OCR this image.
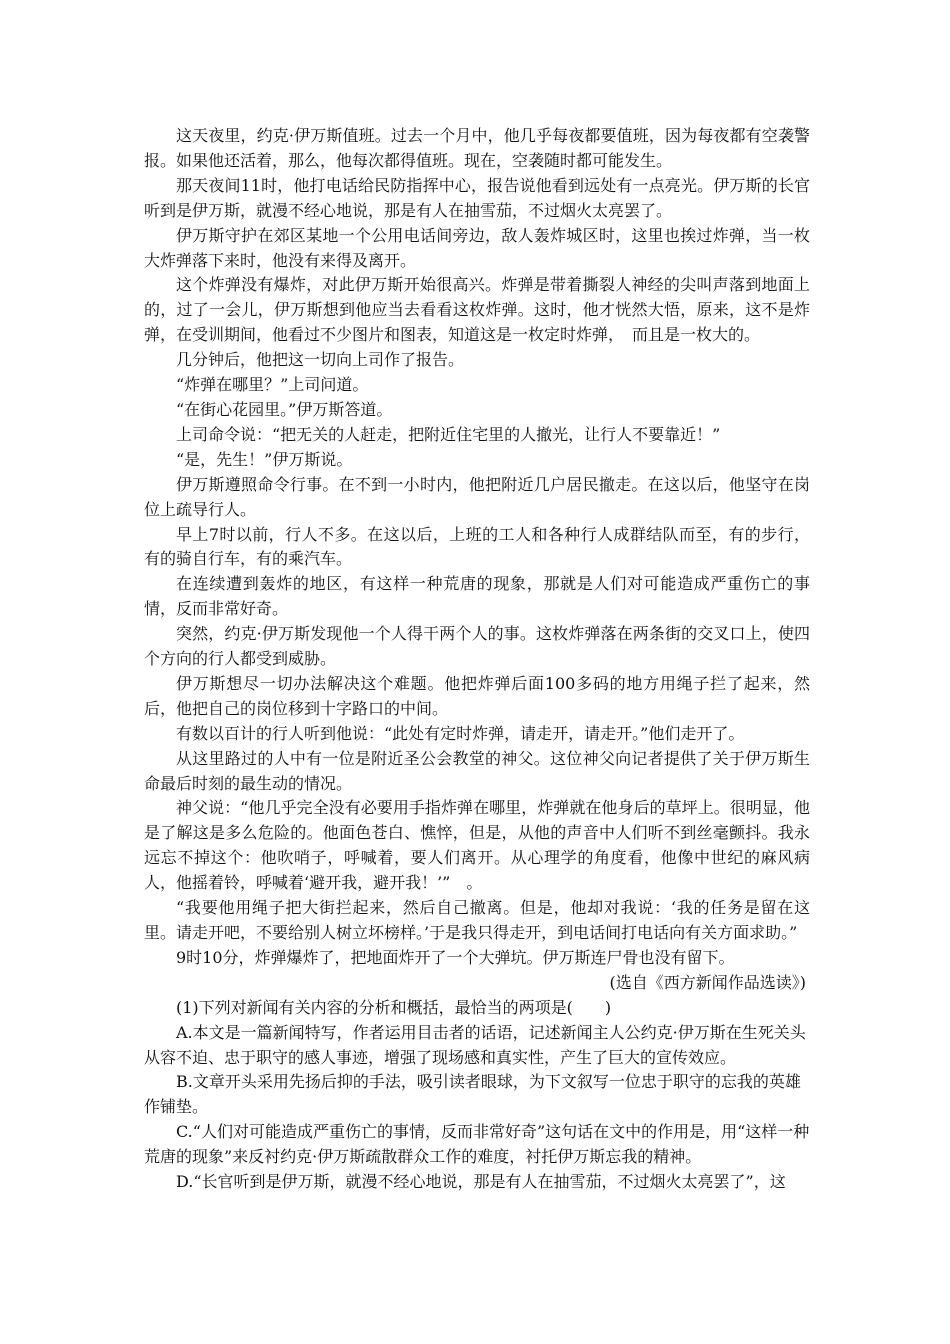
这天夜里，约克·伊万斯值班。过去一个月中，他几乎每夜都要值班，因为每夜都有空袭警报。如果他还活着，那么，他每次都得值班。现在，空袭随时都可能发生。

那天夜间11时，他打电话给民防指挥中心，报告说他看到远处有一点亮光。伊万斯的长官听到是伊万斯，就漫不经心地说，那是有人在抽雪茄，不过烟火太亮罢了。

伊万斯守护在郊区某地一个公用电话间旁边，敌人轰炸城区时，这里也挨过炸弹，当一枚大炸弹落下来时，他没有来得及离开。

这个炸弹没有爆炸，对此伊万斯开始很高兴。炸弹是带着撕裂人神经的尖叫声落到地面上的，过了一会儿，伊万斯想到他应当去看看这枚炸弹。这时，他才恍然大悟，原来，这不是炸弹，在受训期间，他看过不少图片和图表，知道这是一枚定时炸弹，　而且是一枚大的。

几分钟后，他把这一切向上司作了报告。

“炸弹在哪里？”上司问道。

“在街心花园里。”伊万斯答道。

上司命令说：“把无关的人赶走，把附近住宅里的人撤光，让行人不要靠近！”

“是，先生！”伊万斯说。

伊万斯遵照命令行事。在不到一小时内，他把附近几户居民撤走。在这以后，他坚守在岗位上疏导行人。

早上7时以前，行人不多。在这以后，上班的工人和各种行人成群结队而至，有的步行，有的骑自行车，有的乘汽车。

在连续遭到轰炸的地区，有这样一种荒唐的现象，那就是人们对可能造成严重伤亡的事情，反而非常好奇。

突然，约克·伊万斯发现他一个人得干两个人的事。这枚炸弹落在两条街的交叉口上，使四个方向的行人都受到威胁。

伊万斯想尽一切办法解决这个难题。他把炸弹后面100多码的地方用绳子拦了起来，然后，他把自己的岗位移到十字路口的中间。

有数以百计的行人听到他说：“此处有定时炸弹，请走开，请走开。”他们走开了。

从这里路过的人中有一位是附近圣公会教堂的神父。这位神父向记者提供了关于伊万斯生命最后时刻的最生动的情况。

神父说：“他几乎完全没有必要用手指炸弹在哪里，炸弹就在他身后的草坪上。很明显，他是了解这是多么危险的。他面色苍白、憔悴，但是，从他的声音中人们听不到丝毫颤抖。我永远忘不掉这个：他吹哨子，呼喊着，要人们离开。从心理学的角度看，他像中世纪的麻风病人，他摇着铃，呼喊着‘避开我，避开我！’”　。

“我要他用绳子把大街拦起来，然后自己撤离。但是，他却对我说：‘我的任务是留在这里。请走开吧，不要给别人树立坏榜样。’于是我只得走开，到电话间打电话向有关方面求助。”

9时10分，炸弹爆炸了，把地面炸开了一个大弹坑。伊万斯连尸骨也没有留下。

(选自《西方新闻作品选读》)

(1)下列对新闻有关内容的分析和概括，最恰当的两项是(　　)

A.本文是一篇新闻特写，作者运用目击者的话语，记述新闻主人公约克·伊万斯在生死关头从容不迫、忠于职守的感人事迹，增强了现场感和真实性，产生了巨大的宣传效应。

B.文章开头采用先扬后抑的手法，吸引读者眼球，为下文叙写一位忠于职守的忘我的英雄作铺垫。

C.“人们对可能造成严重伤亡的事情，反而非常好奇”这句话在文中的作用是，用“这样一种荒唐的现象”来反衬约克·伊万斯疏散群众工作的难度，衬托伊万斯忘我的精神。

D.“长官听到是伊万斯，就漫不经心地说，那是有人在抽雪茄，不过烟火太亮罢了”，这
